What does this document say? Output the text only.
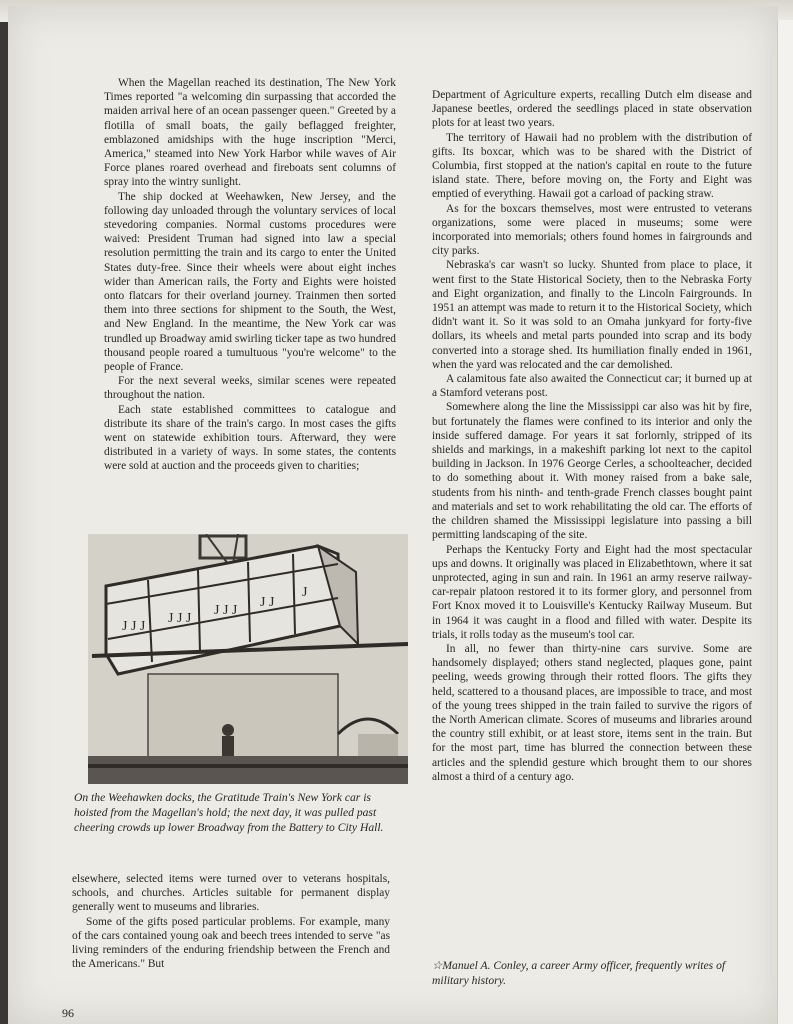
When the Magellan reached its destination, The New York Times reported "a welcoming din surpassing that accorded the maiden arrival here of an ocean passenger queen." Greeted by a flotilla of small boats, the gaily beflagged freighter, emblazoned amidships with the huge inscription "Merci, America," steamed into New York Harbor while waves of Air Force planes roared overhead and fireboats sent columns of spray into the wintry sunlight.

The ship docked at Weehawken, New Jersey, and the following day unloaded through the voluntary services of local stevedoring companies. Normal customs procedures were waived: President Truman had signed into law a special resolution permitting the train and its cargo to enter the United States duty-free. Since their wheels were about eight inches wider than American rails, the Forty and Eights were hoisted onto flatcars for their overland journey. Trainmen then sorted them into three sections for shipment to the South, the West, and New England. In the meantime, the New York car was trundled up Broadway amid swirling ticker tape as two hundred thousand people roared a tumultuous "you're welcome" to the people of France.

For the next several weeks, similar scenes were repeated throughout the nation.

Each state established committees to catalogue and distribute its share of the train's cargo. In most cases the gifts went on statewide exhibition tours. Afterward, they were distributed in a variety of ways. In some states, the contents were sold at auction and the proceeds given to charities;

J J J
J J J
J J J
J J
J
On the Weehawken docks, the Gratitude Train's New York car is hoisted from the Magellan's hold; the next day, it was pulled past cheering crowds up lower Broadway from the Battery to City Hall.

elsewhere, selected items were turned over to veterans hospitals, schools, and churches. Articles suitable for permanent display generally went to museums and libraries.

Some of the gifts posed particular problems. For example, many of the cars contained young oak and beech trees intended to serve "as living reminders of the enduring friendship between the French and the Americans." But

Department of Agriculture experts, recalling Dutch elm disease and Japanese beetles, ordered the seedlings placed in state observation plots for at least two years.

The territory of Hawaii had no problem with the distribution of gifts. Its boxcar, which was to be shared with the District of Columbia, first stopped at the nation's capital en route to the future island state. There, before moving on, the Forty and Eight was emptied of everything. Hawaii got a carload of packing straw.

As for the boxcars themselves, most were entrusted to veterans organizations, some were placed in museums; some were incorporated into memorials; others found homes in fairgrounds and city parks.

Nebraska's car wasn't so lucky. Shunted from place to place, it went first to the State Historical Society, then to the Nebraska Forty and Eight organization, and finally to the Lincoln Fairgrounds. In 1951 an attempt was made to return it to the Historical Society, which didn't want it. So it was sold to an Omaha junkyard for forty-five dollars, its wheels and metal parts pounded into scrap and its body converted into a storage shed. Its humiliation finally ended in 1961, when the yard was relocated and the car demolished.

A calamitous fate also awaited the Connecticut car; it burned up at a Stamford veterans post.

Somewhere along the line the Mississippi car also was hit by fire, but fortunately the flames were confined to its interior and only the inside suffered damage. For years it sat forlornly, stripped of its shields and markings, in a makeshift parking lot next to the capitol building in Jackson. In 1976 George Cerles, a schoolteacher, decided to do something about it. With money raised from a bake sale, students from his ninth- and tenth-grade French classes bought paint and materials and set to work rehabilitating the old car. The efforts of the children shamed the Mississippi legislature into passing a bill permitting landscaping of the site.

Perhaps the Kentucky Forty and Eight had the most spectacular ups and downs. It originally was placed in Elizabethtown, where it sat unprotected, aging in sun and rain. In 1961 an army reserve railway-car-repair platoon restored it to its former glory, and personnel from Fort Knox moved it to Louisville's Kentucky Railway Museum. But in 1964 it was caught in a flood and filled with water. Despite its trials, it rolls today as the museum's tool car.

In all, no fewer than thirty-nine cars survive. Some are handsomely displayed; others stand neglected, plaques gone, paint peeling, weeds growing through their rotted floors. The gifts they held, scattered to a thousand places, are impossible to trace, and most of the young trees shipped in the train failed to survive the rigors of the North American climate. Scores of museums and libraries around the country still exhibit, or at least store, items sent in the train. But for the most part, time has blurred the connection between these articles and the splendid gesture which brought them to our shores almost a third of a century ago.

☆Manuel A. Conley, a career Army officer, frequently writes of military history.
96
